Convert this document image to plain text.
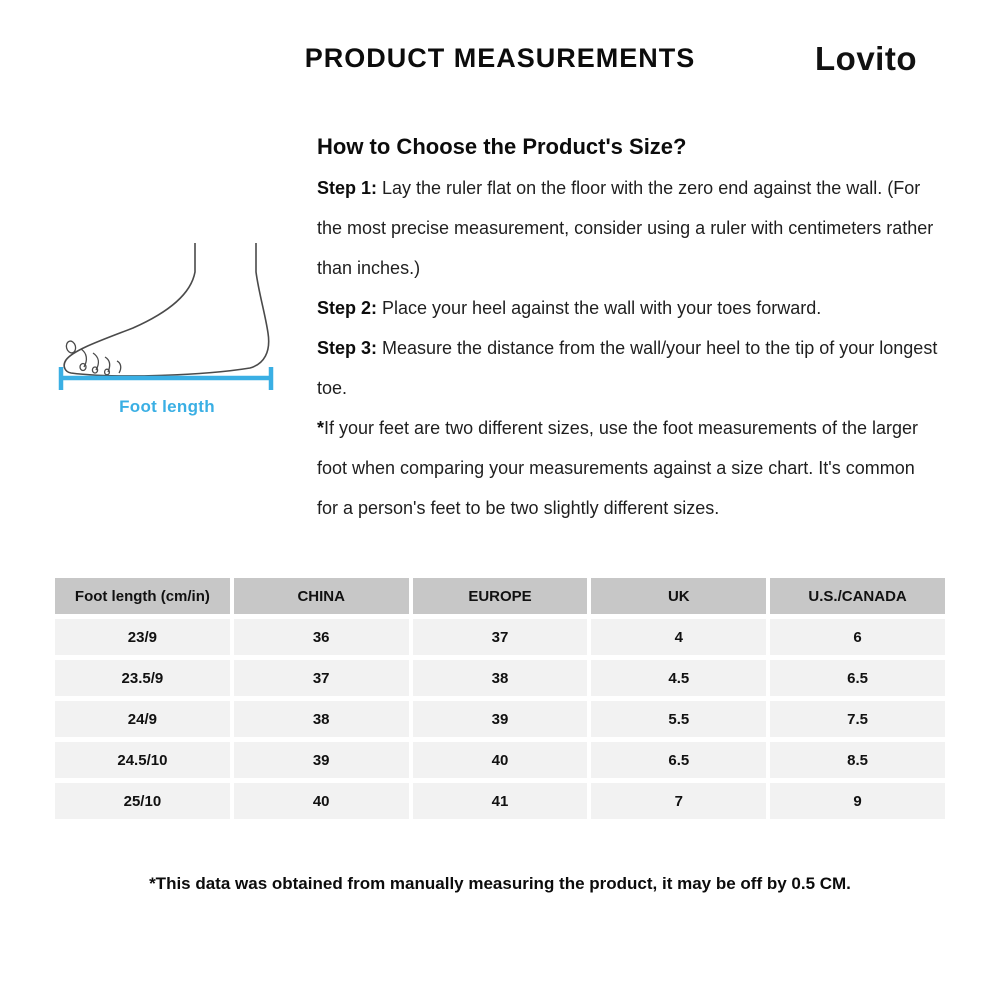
PRODUCT MEASUREMENTS	Lovito
Foot length
How to Choose the Product's Size?

Step 1: Lay the ruler flat on the floor with the zero end against the wall. (For the most precise measurement, consider using a ruler with centimeters rather than inches.)

Step 2: Place your heel against the wall with your toes forward.

Step 3: Measure the distance from the wall/your heel to the tip of your longest toe.

*If your feet are two different sizes, use the foot measurements of the larger foot when comparing your measurements against a size chart. It's common for a person's feet to be two slightly different sizes.

Foot length (cm/in)	CHINA	EUROPE	UK	U.S./CANADA
23/9	36	37	4	6
23.5/9	37	38	4.5	6.5
24/9	38	39	5.5	7.5
24.5/10	39	40	6.5	8.5
25/10	40	41	7	9
*This data was obtained from manually measuring the product, it may be off by 0.5 CM.
